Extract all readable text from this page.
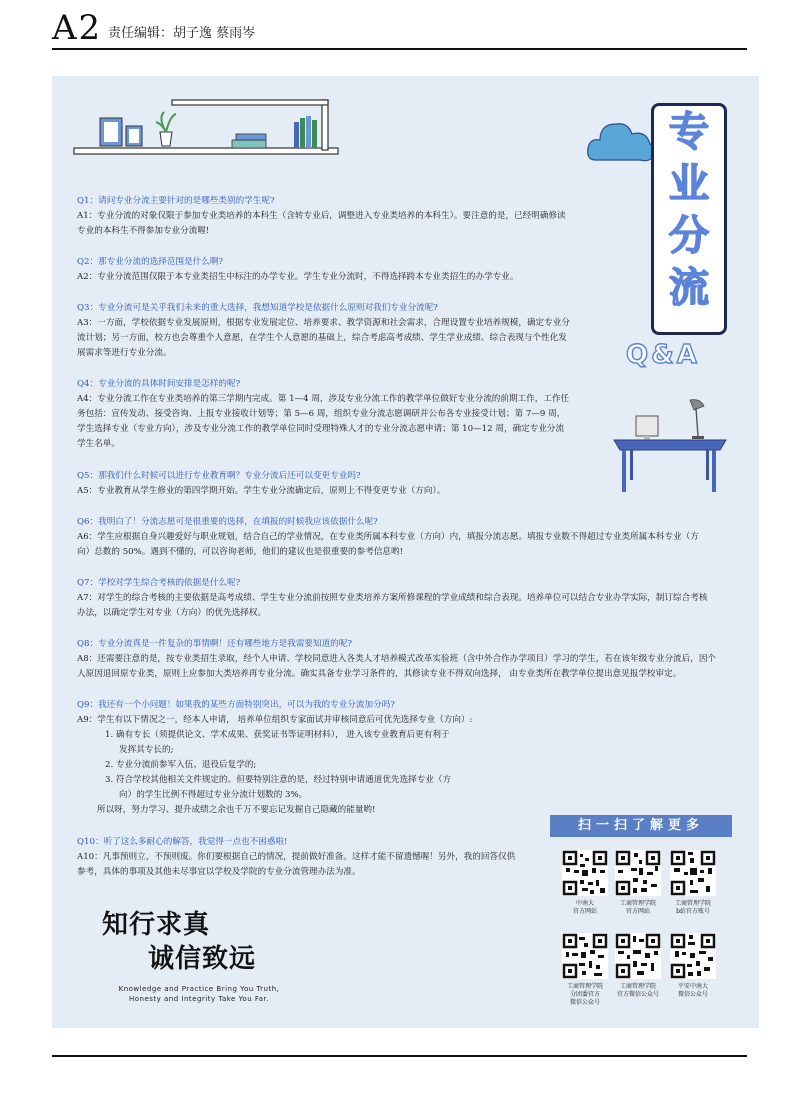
A2 责任编辑：胡子逸 蔡雨岑
专
业
分
流
Q&A
Q1：请问专业分流主要针对的是哪些类别的学生呢?
A1：专业分流的对象仅限于参加专业类培养的本科生（含转专业后，调整进入专业类培养的本科生）。要注意的是，已经明确修读
专业的本科生不得参加专业分流喔!
Q2：那专业分流的选择范围是什么啊?
A2：专业分流范围仅限于本专业类招生中标注的办学专业。学生专业分流时，不得选择跨本专业类招生的办学专业。
Q3：专业分流可是关乎我们未来的重大选择，我想知道学校是依据什么原则对我们专业分流呢?
A3：一方面，学校依据专业发展原则，根据专业发展定位、培养要求、教学资源和社会需求，合理设置专业培养规模，确定专业分
流计划；另一方面，校方也会尊重个人意愿，在学生个人意愿的基础上，综合考虑高考成绩、学生学业成绩、综合表现与个性化发
展需求等进行专业分流。
Q4：专业分流的具体时间安排是怎样的呢?
A4：专业分流工作在专业类培养的第三学期内完成。第 1—4 周，涉及专业分流工作的教学单位做好专业分流的前期工作，工作任
务包括：宣传发动、接受咨询、上报专业接收计划等；第 5—6 周，组织专业分流志愿调研并公布各专业接受计划；第 7—9 周，
学生选择专业（专业方向），涉及专业分流工作的教学单位同时受理特殊人才的专业分流志愿申请；第 10—12 周，确定专业分流
学生名单。
Q5：那我们什么时候可以进行专业教育啊？专业分流后还可以变更专业吗?
A5：专业教育从学生修业的第四学期开始。学生专业分流确定后，原则上不得变更专业（方向）。
Q6：我明白了！分流志愿可是很重要的选择，在填报的时候我应该依据什么呢?
A6：学生应根据自身兴趣爱好与职业规划，结合自己的学业情况，在专业类所属本科专业（方向）内，填报分流志愿。填报专业数不得超过专业类所属本科专业（方
向）总数的 50%。遇到不懂的，可以咨询老师，他们的建议也是很重要的参考信息哟!
Q7：学校对学生综合考核的依据是什么呢?
A7：对学生的综合考核的主要依据是高考成绩、学生专业分流前按照专业类培养方案所修课程的学业成绩和综合表现。培养单位可以结合专业办学实际，制订综合考核
办法，以确定学生对专业（方向）的优先选择权。
Q8：专业分流真是一件复杂的事情啊！还有哪些地方是我需要知道的呢?
A8：还需要注意的是，按专业类招生录取，经个人申请、学校同意进入各类人才培养模式改革实验班（含中外合作办学项目）学习的学生，若在该年级专业分流后，因个
人原因退回原专业类，原则上应参加大类培养再专业分流。确实具备专业学习条件的，其修读专业不得双向选择， 由专业类所在教学单位提出意见报学校审定。
Q9：我还有一个小问题！如果我的某些方面特别突出，可以为我的专业分流加分吗?
A9：学生有以下情况之一，经本人申请， 培养单位组织专家面试并审核同意后可优先选择专业（方向）:
1. 确有专长（须提供论文、学术成果、获奖证书等证明材料）， 进入该专业教育后更有利于
发挥其专长的;
2. 专业分流前参军入伍、退役后复学的;
3. 符合学校其他相关文件规定的。但要特别注意的是，经过特别申请通道优先选择专业（方
向）的学生比例不得超过专业分流计划数的 3%。
所以呀，努力学习、提升成绩之余也千万不要忘记发掘自己隐藏的能量哟!
Q10：听了这么多耐心的解答，我觉得一点也不困惑啦!
A10：凡事预则立，不预则废。你们要根据自己的情况，提前做好准备。这样才能不留遗憾喔！另外，我的回答仅供
参考，具体的事项及其他未尽事宜以学校及学院的专业分流管理办法为准。
扫一扫了解更多
中南大
官方网站
工商管理学院
官方网站
工商管理学院
b站官方账号
工商管理学院
分团委官方
微信公众号
工商管理学院
官方微信公众号
平安中南大
微信公众号
知行求真
诚信致远
Knowledge and Practice Bring You Truth,
Honesty and Integrity Take You Far.
